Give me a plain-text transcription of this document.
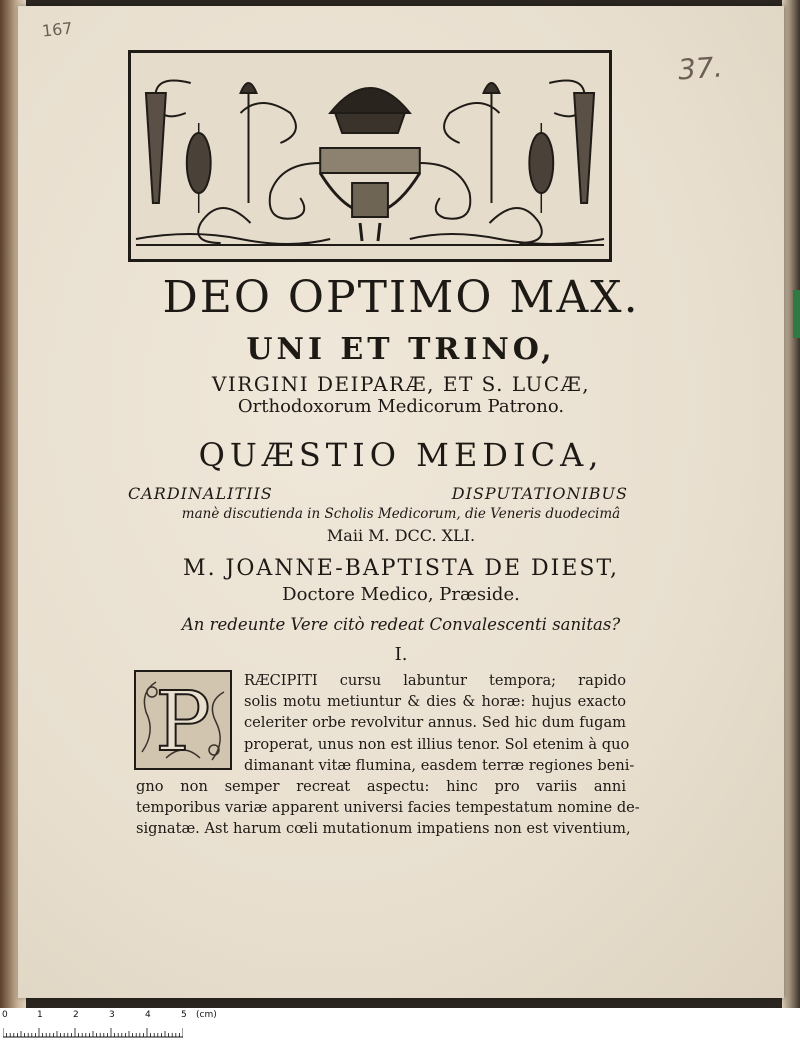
167
37.
DEO OPTIMO MAX.
UNI ET TRINO,
VIRGINI DEIPARÆ, ET S. LUCÆ,
Orthodoxorum Medicorum Patrono.
QUÆSTIO MEDICA,
CARDINALITIIS DISPUTATIONIBUS
manè discutienda in Scholis Medicorum, die Veneris duodecimâ
Maii M. DCC. XLI.
M. JOANNE-BAPTISTA DE DIEST,
Doctore Medico, Præside.
An redeunte Vere citò redeat Convalescenti sanitas?
I.
P RÆCIPITI cursu labuntur tempora; rapido
solis motu metiuntur & dies & horæ: hujus exacto
celeriter orbe revolvitur annus. Sed hic dum fugam
properat, unus non est illius tenor. Sol etenim à quo
dimanant vitæ flumina, easdem terræ regiones beni-
gno non semper recreat aspectu: hinc pro variis anni
temporibus variæ apparent universi facies tempestatum nomine de-
signatæ. Ast harum cœli mutationum impatiens non est viventium,
0	1	2	3	4	5 (cm)
